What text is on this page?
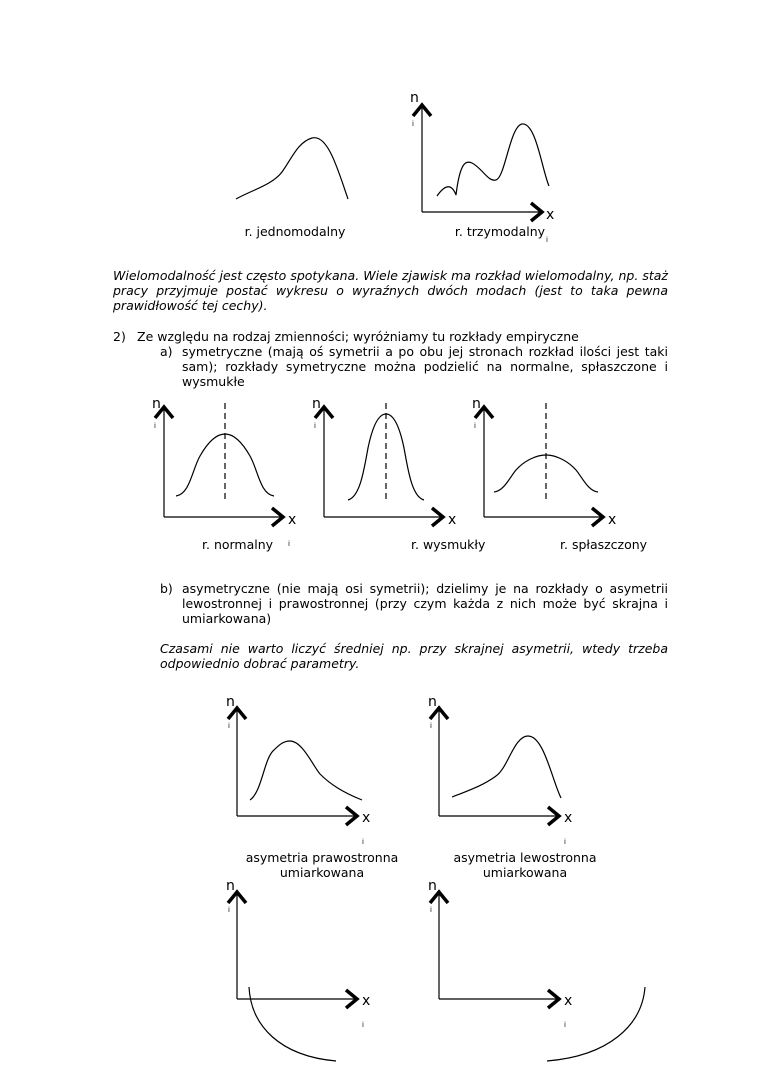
r. jednomodalny
n
i
x
i
r. trzymodalny
Wielomodalność jest często spotykana. Wiele zjawisk ma rozkład wielomodalny, np. staż pracy przyjmuje postać wykresu o wyraźnych dwóch modach (jest to taka pewna prawidłowość tej cechy).
2) Ze względu na rodzaj zmienności; wyróżniamy tu rozkłady empiryczne
a) symetryczne (mają oś symetrii a po obu jej stronach rozkład ilości jest taki sam); rozkłady symetryczne można podzielić na normalne, spłaszczone i wysmukłe
n
i
x
i
n
i
x
n
i
x
r. normalny	r. wysmukły	r. spłaszczony
b) asymetryczne (nie mają osi symetrii); dzielimy je na rozkłady o asymetrii lewostronnej i prawostronnej (przy czym każda z nich może być skrajna i umiarkowana)
Czasami nie warto liczyć średniej np. przy skrajnej asymetrii, wtedy trzeba odpowiednio dobrać parametry.
n
i
x
i
n
i
x
i
asymetria prawostronna
umiarkowana
asymetria lewostronna
umiarkowana
n
i
x
i
n
i
x
i
